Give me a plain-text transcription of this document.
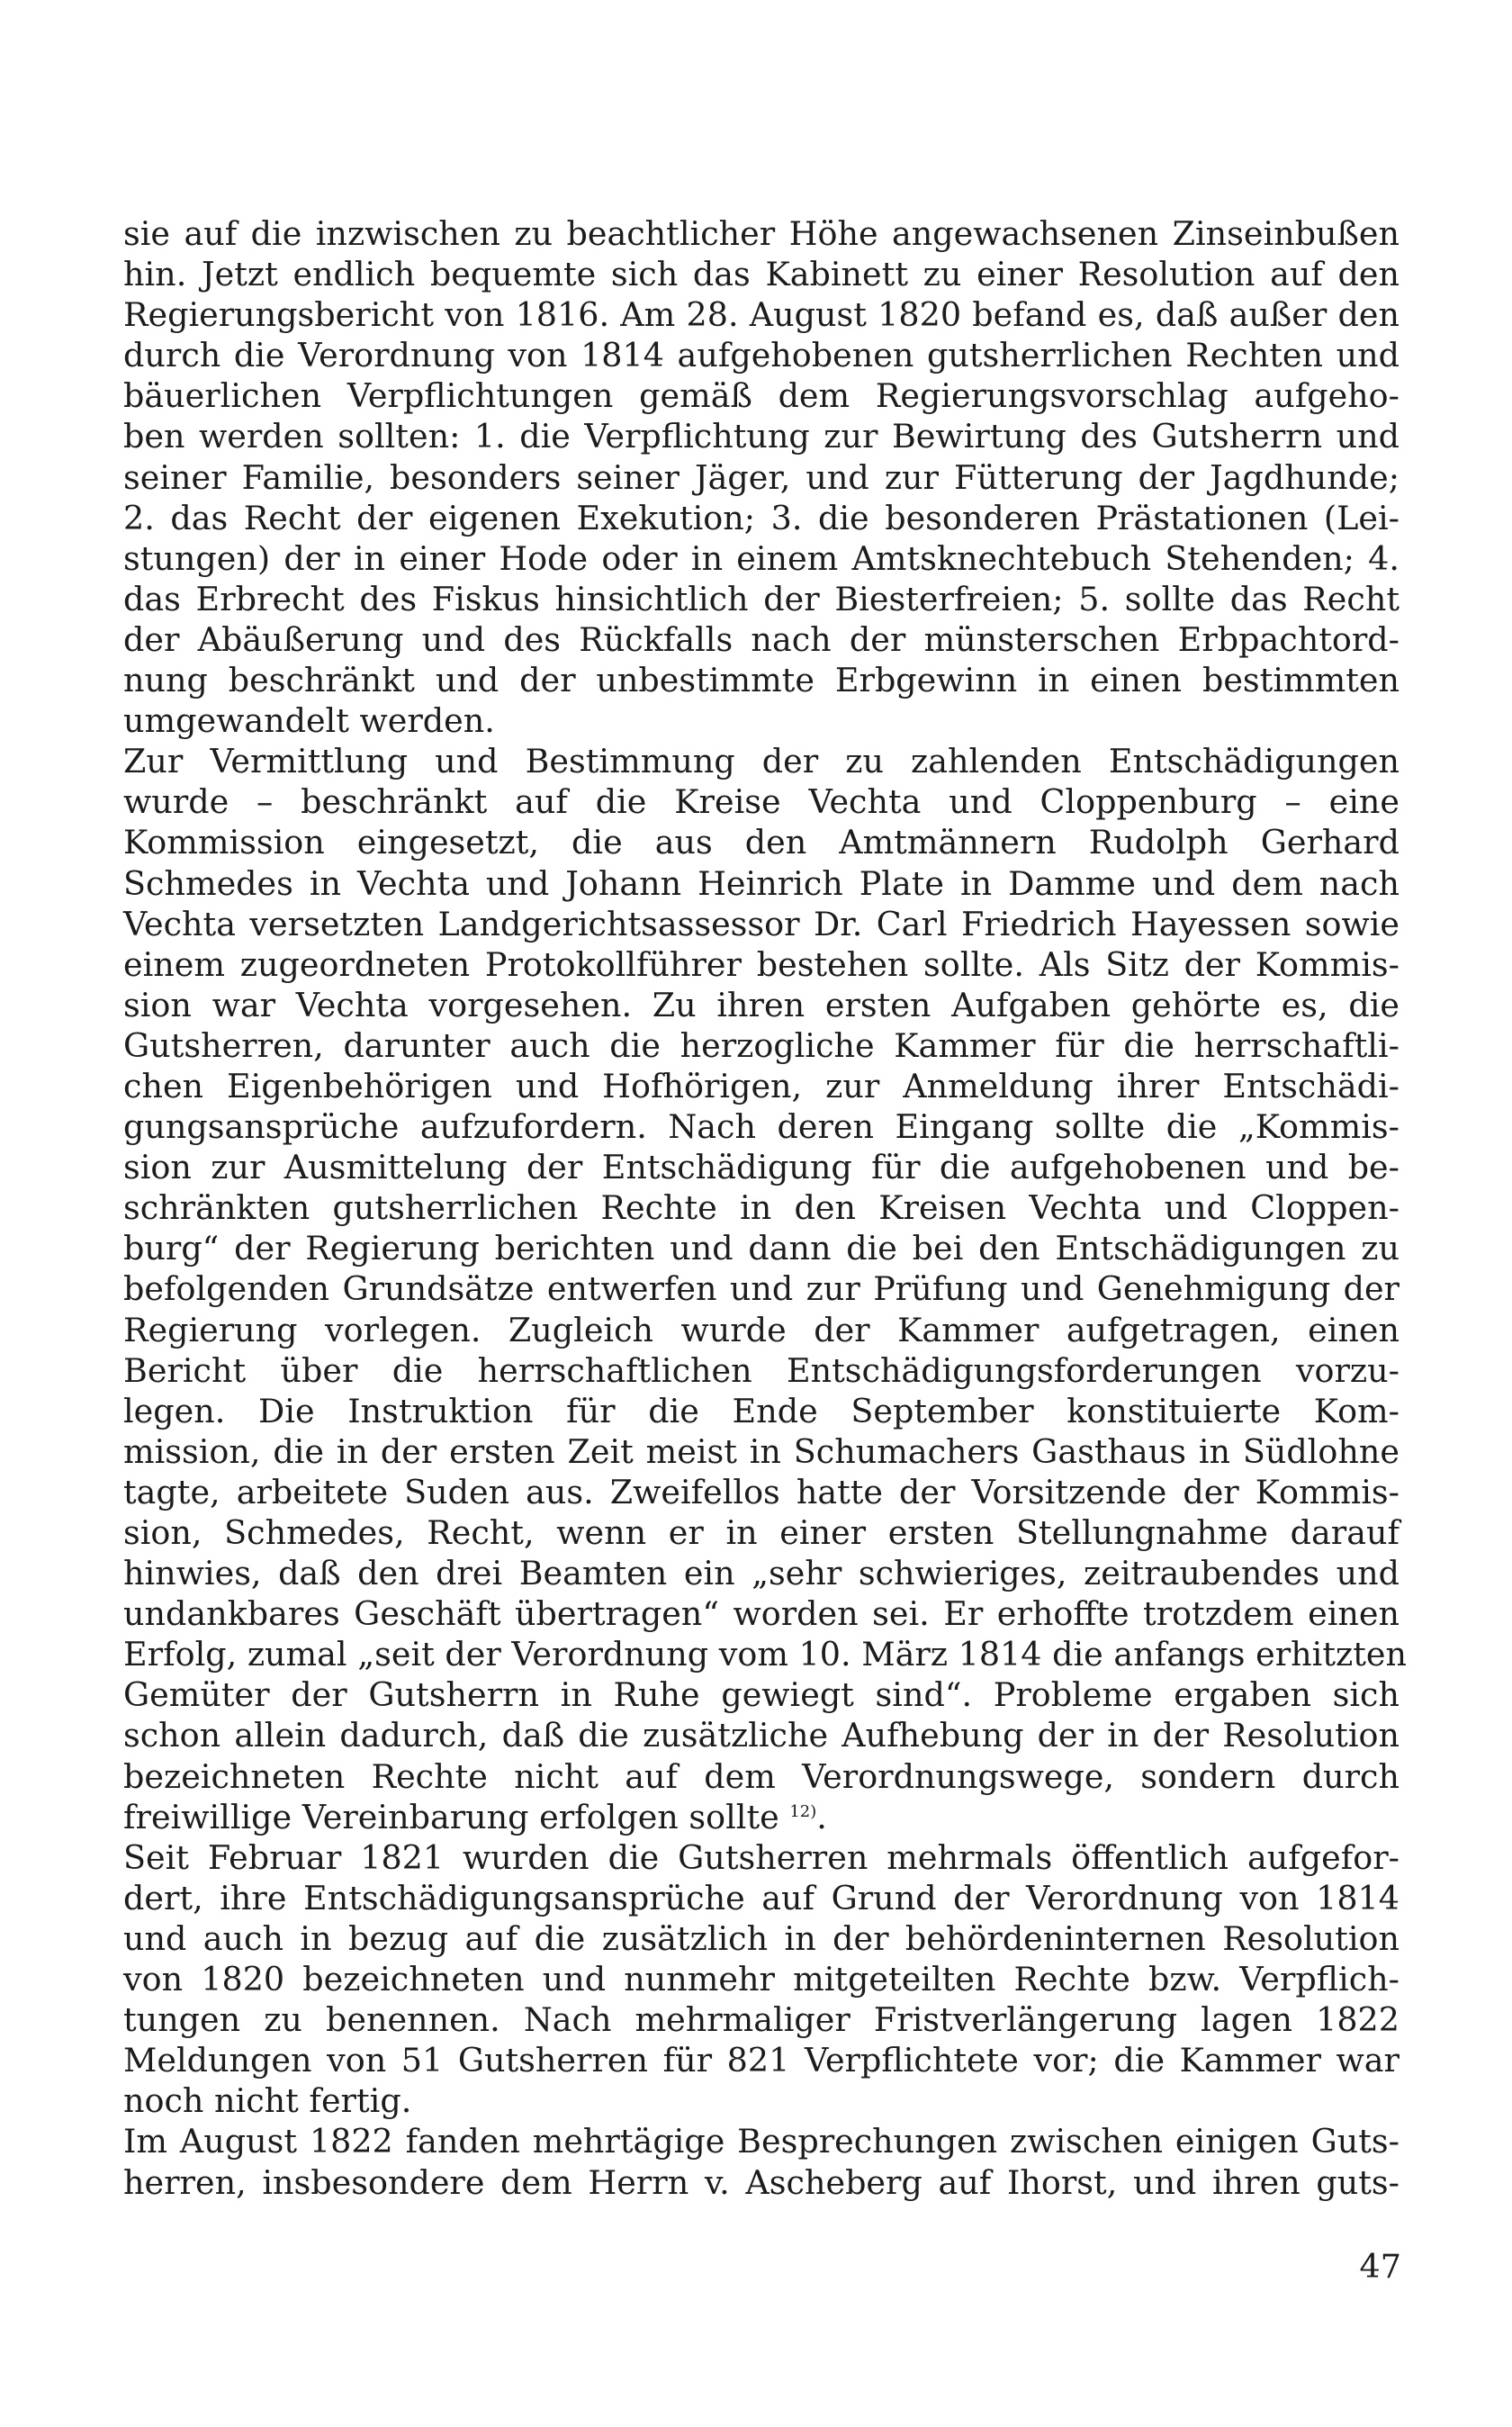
sie auf die inzwischen zu beachtlicher Höhe angewachsenen Zinseinbußen
hin. Jetzt endlich bequemte sich das Kabinett zu einer Resolution auf den
Regierungsbericht von 1816. Am 28. August 1820 befand es, daß außer den
durch die Verordnung von 1814 aufgehobenen gutsherrlichen Rechten und
bäuerlichen Verpflichtungen gemäß dem Regierungsvorschlag aufgeho-
ben werden sollten: 1. die Verpflichtung zur Bewirtung des Gutsherrn und
seiner Familie, besonders seiner Jäger, und zur Fütterung der Jagdhunde;
2. das Recht der eigenen Exekution; 3. die besonderen Prästationen (Lei-
stungen) der in einer Hode oder in einem Amtsknechtebuch Stehenden; 4.
das Erbrecht des Fiskus hinsichtlich der Biesterfreien; 5. sollte das Recht
der Abäußerung und des Rückfalls nach der münsterschen Erbpachtord-
nung beschränkt und der unbestimmte Erbgewinn in einen bestimmten
umgewandelt werden.
Zur Vermittlung und Bestimmung der zu zahlenden Entschädigungen
wurde – beschränkt auf die Kreise Vechta und Cloppenburg – eine
Kommission eingesetzt, die aus den Amtmännern Rudolph Gerhard
Schmedes in Vechta und Johann Heinrich Plate in Damme und dem nach
Vechta versetzten Landgerichtsassessor Dr. Carl Friedrich Hayessen sowie
einem zugeordneten Protokollführer bestehen sollte. Als Sitz der Kommis-
sion war Vechta vorgesehen. Zu ihren ersten Aufgaben gehörte es, die
Gutsherren, darunter auch die herzogliche Kammer für die herrschaftli-
chen Eigenbehörigen und Hofhörigen, zur Anmeldung ihrer Entschädi-
gungsansprüche aufzufordern. Nach deren Eingang sollte die „Kommis-
sion zur Ausmittelung der Entschädigung für die aufgehobenen und be-
schränkten gutsherrlichen Rechte in den Kreisen Vechta und Cloppen-
burg“ der Regierung berichten und dann die bei den Entschädigungen zu
befolgenden Grundsätze entwerfen und zur Prüfung und Genehmigung der
Regierung vorlegen. Zugleich wurde der Kammer aufgetragen, einen
Bericht über die herrschaftlichen Entschädigungsforderungen vorzu-
legen. Die Instruktion für die Ende September konstituierte Kom-
mission, die in der ersten Zeit meist in Schumachers Gasthaus in Südlohne
tagte, arbeitete Suden aus. Zweifellos hatte der Vorsitzende der Kommis-
sion, Schmedes, Recht, wenn er in einer ersten Stellungnahme darauf
hinwies, daß den drei Beamten ein „sehr schwieriges, zeitraubendes und
undankbares Geschäft übertragen“ worden sei. Er erhoffte trotzdem einen
Erfolg, zumal „seit der Verordnung vom 10. März 1814 die anfangs erhitzten
Gemüter der Gutsherrn in Ruhe gewiegt sind“. Probleme ergaben sich
schon allein dadurch, daß die zusätzliche Aufhebung der in der Resolution
bezeichneten Rechte nicht auf dem Verordnungswege, sondern durch
freiwillige Vereinbarung erfolgen sollte $^{12)}$.
Seit Februar 1821 wurden die Gutsherren mehrmals öffentlich aufgefor-
dert, ihre Entschädigungsansprüche auf Grund der Verordnung von 1814
und auch in bezug auf die zusätzlich in der behördeninternen Resolution
von 1820 bezeichneten und nunmehr mitgeteilten Rechte bzw. Verpflich-
tungen zu benennen. Nach mehrmaliger Fristverlängerung lagen 1822
Meldungen von 51 Gutsherren für 821 Verpflichtete vor; die Kammer war
noch nicht fertig.
Im August 1822 fanden mehrtägige Besprechungen zwischen einigen Guts-
herren, insbesondere dem Herrn v. Ascheberg auf Ihorst, und ihren guts-
47
